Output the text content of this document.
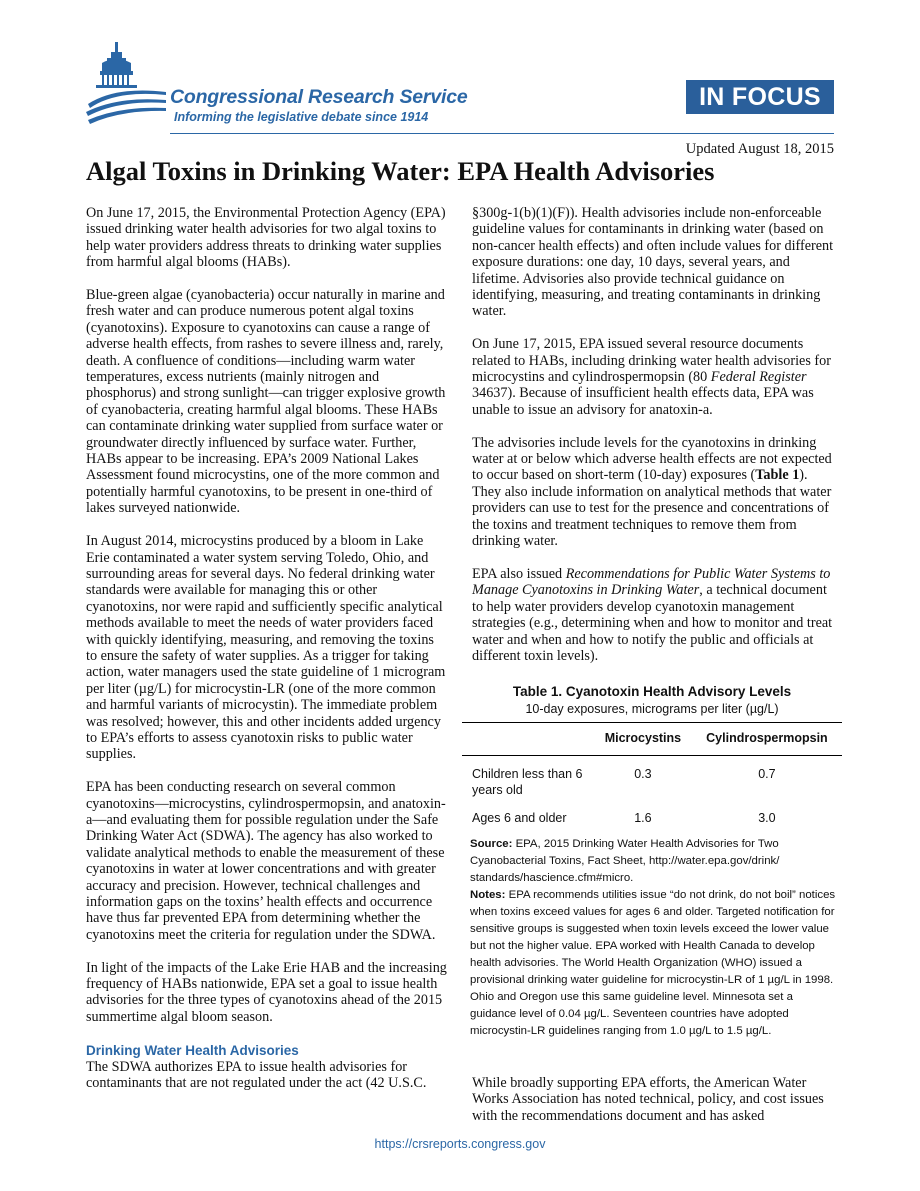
Congressional Research Service
Informing the legislative debate since 1914
IN FOCUS
Updated August 18, 2015
Algal Toxins in Drinking Water: EPA Health Advisories

On June 17, 2015, the Environmental Protection Agency (EPA) issued drinking water health advisories for two algal toxins to help water providers address threats to drinking water supplies from harmful algal blooms (HABs).

Blue-green algae (cyanobacteria) occur naturally in marine and fresh water and can produce numerous potent algal toxins (cyanotoxins). Exposure to cyanotoxins can cause a range of adverse health effects, from rashes to severe illness and, rarely, death. A confluence of conditions—including warm water temperatures, excess nutrients (mainly nitrogen and phosphorus) and strong sunlight—can trigger explosive growth of cyanobacteria, creating harmful algal blooms. These HABs can contaminate drinking water supplied from surface water or groundwater directly influenced by surface water. Further, HABs appear to be increasing. EPA’s 2009 National Lakes Assessment found microcystins, one of the more common and potentially harmful cyanotoxins, to be present in one-third of lakes surveyed nationwide.

In August 2014, microcystins produced by a bloom in Lake Erie contaminated a water system serving Toledo, Ohio, and surrounding areas for several days. No federal drinking water standards were available for managing this or other cyanotoxins, nor were rapid and sufficiently specific analytical methods available to meet the needs of water providers faced with quickly identifying, measuring, and removing the toxins to ensure the safety of water supplies. As a trigger for taking action, water managers used the state guideline of 1 microgram per liter (µg/L) for microcystin-LR (one of the more common and harmful variants of microcystin). The immediate problem was resolved; however, this and other incidents added urgency to EPA’s efforts to assess cyanotoxin risks to public water supplies.

EPA has been conducting research on several common cyanotoxins—microcystins, cylindrospermopsin, and anatoxin-a—and evaluating them for possible regulation under the Safe Drinking Water Act (SDWA). The agency has also worked to validate analytical methods to enable the measurement of these cyanotoxins in water at lower concentrations and with greater accuracy and precision. However, technical challenges and information gaps on the toxins’ health effects and occurrence have thus far prevented EPA from determining whether the cyanotoxins meet the criteria for regulation under the SDWA.

In light of the impacts of the Lake Erie HAB and the increasing frequency of HABs nationwide, EPA set a goal to issue health advisories for the three types of cyanotoxins ahead of the 2015 summertime algal bloom season.

Drinking Water Health Advisories

The SDWA authorizes EPA to issue health advisories for contaminants that are not regulated under the act (42 U.S.C.

§300g-1(b)(1)(F)). Health advisories include non-enforceable guideline values for contaminants in drinking water (based on non-cancer health effects) and often include values for different exposure durations: one day, 10 days, several years, and lifetime. Advisories also provide technical guidance on identifying, measuring, and treating contaminants in drinking water.

On June 17, 2015, EPA issued several resource documents related to HABs, including drinking water health advisories for microcystins and cylindrospermopsin (80 Federal Register 34637). Because of insufficient health effects data, EPA was unable to issue an advisory for anatoxin-a.

The advisories include levels for the cyanotoxins in drinking water at or below which adverse health effects are not expected to occur based on short-term (10-day) exposures (Table 1). They also include information on analytical methods that water providers can use to test for the presence and concentrations of the toxins and treatment techniques to remove them from drinking water.

EPA also issued Recommendations for Public Water Systems to Manage Cyanotoxins in Drinking Water, a technical document to help water providers develop cyanotoxin management strategies (e.g., determining when and how to monitor and treat water and when and how to notify the public and officials at different toxin levels).

Table 1. Cyanotoxin Health Advisory Levels
10-day exposures, micrograms per liter (µg/L)
	Microcystins	Cylindrospermopsin
Children less than 6 years old	0.3	0.7
Ages 6 and older	1.6	3.0
Source: EPA, 2015 Drinking Water Health Advisories for Two Cyanobacterial Toxins, Fact Sheet, http://water.epa.gov/drink/ standards/hascience.cfm#micro.
Notes: EPA recommends utilities issue “do not drink, do not boil” notices when toxins exceed values for ages 6 and older. Targeted notification for sensitive groups is suggested when toxin levels exceed the lower value but not the higher value. EPA worked with Health Canada to develop health advisories. The World Health Organization (WHO) issued a provisional drinking water guideline for microcystin-LR of 1 µg/L in 1998. Ohio and Oregon use this same guideline level. Minnesota set a guidance level of 0.04 µg/L. Seventeen countries have adopted microcystin-LR guidelines ranging from 1.0 µg/L to 1.5 µg/L.

While broadly supporting EPA efforts, the American Water Works Association has noted technical, policy, and cost issues with the recommendations document and has asked

https://crsreports.congress.gov
